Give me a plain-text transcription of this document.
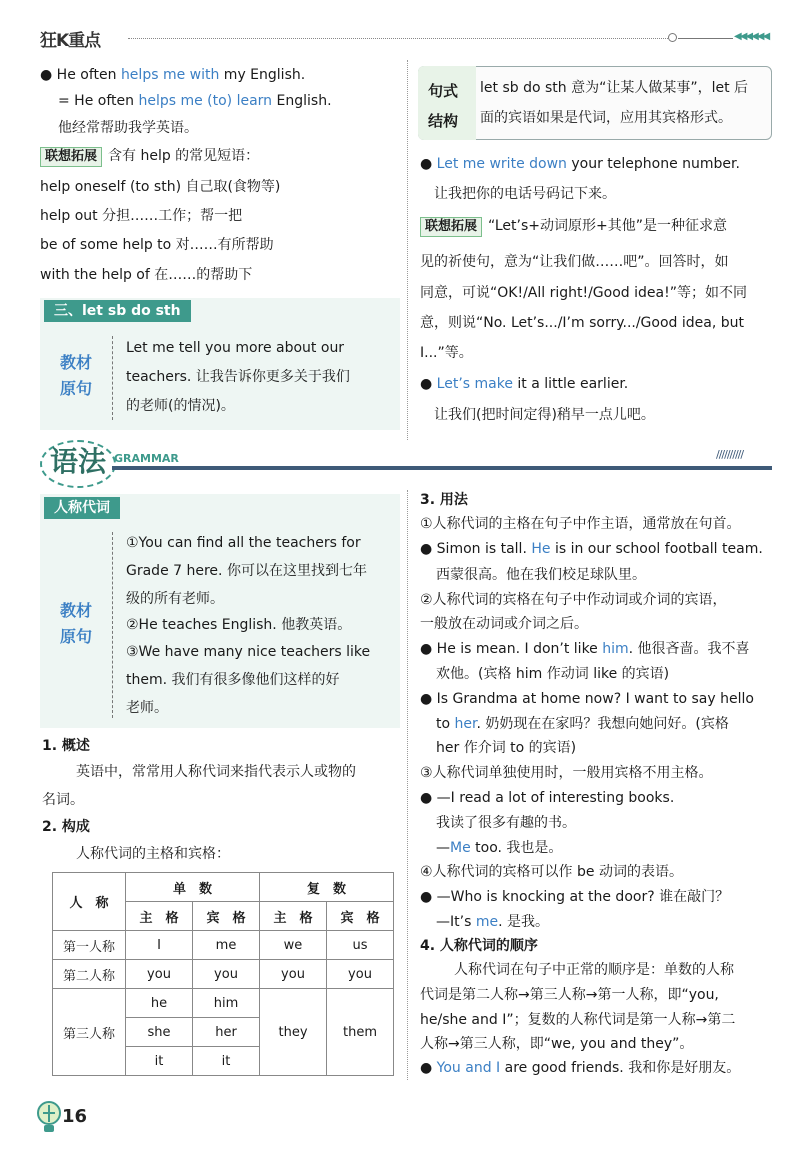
狂K重点	◀◀◀◀◀◀
● He often helps me with my English.
= He often helps me (to) learn English.
他经常帮助我学英语。
联想拓展 含有 help 的常见短语：
help oneself (to sth) 自己取(食物等)
help out 分担……工作；帮一把
be of some help to 对……有所帮助
with the help of 在……的帮助下
三、let sb do sth
教材
原句
Let me tell you more about our
teachers. 让我告诉你更多关于我们
的老师(的情况)。
句式
结构
let sb do sth 意为“让某人做某事”，let 后
面的宾语如果是代词，应用其宾格形式。
● Let me write down your telephone number.
让我把你的电话号码记下来。
联想拓展 “Let’s+动词原形+其他”是一种征求意
见的祈使句，意为“让我们做……吧”。回答时，如
同意，可说“OK!/All right!/Good idea!”等；如不同
意，则说“No. Let’s.../I’m sorry.../Good idea, but
I...”等。
● Let’s make it a little earlier.
让我们(把时间定得)稍早一点儿吧。
语法 GRAMMAR	//////////
人称代词
教材
原句
①You can find all the teachers for
Grade 7 here. 你可以在这里找到七年
级的所有老师。
②He teaches English. 他教英语。
③We have many nice teachers like
them. 我们有很多像他们这样的好
老师。
1. 概述
英语中，常常用人称代词来指代表示人或物的
名词。
2. 构成
人称代词的主格和宾格：
人　称	单　数		复　数	
	主　格	宾　格	主　格	宾　格
第一人称	I	me	we	us
第二人称	you	you	you	you
第三人称	he	him	they	them
	she	her		
	it	it		
3. 用法
①人称代词的主格在句子中作主语，通常放在句首。
● Simon is tall. He is in our school football team.
西蒙很高。他在我们校足球队里。
②人称代词的宾格在句子中作动词或介词的宾语，
一般放在动词或介词之后。
● He is mean. I don’t like him. 他很吝啬。我不喜
欢他。(宾格 him 作动词 like 的宾语)
● Is Grandma at home now? I want to say hello
to her. 奶奶现在在家吗？我想向她问好。(宾格
her 作介词 to 的宾语)
③人称代词单独使用时，一般用宾格不用主格。
● —I read a lot of interesting books.
我读了很多有趣的书。
—Me too. 我也是。
④人称代词的宾格可以作 be 动词的表语。
● —Who is knocking at the door? 谁在敲门？
—It’s me. 是我。
4. 人称代词的顺序
人称代词在句子中正常的顺序是：单数的人称
代词是第二人称→第三人称→第一人称，即“you,
he/she and I”；复数的人称代词是第一人称→第二
人称→第三人称，即“we, you and they”。
● You and I are good friends. 我和你是好朋友。
16
